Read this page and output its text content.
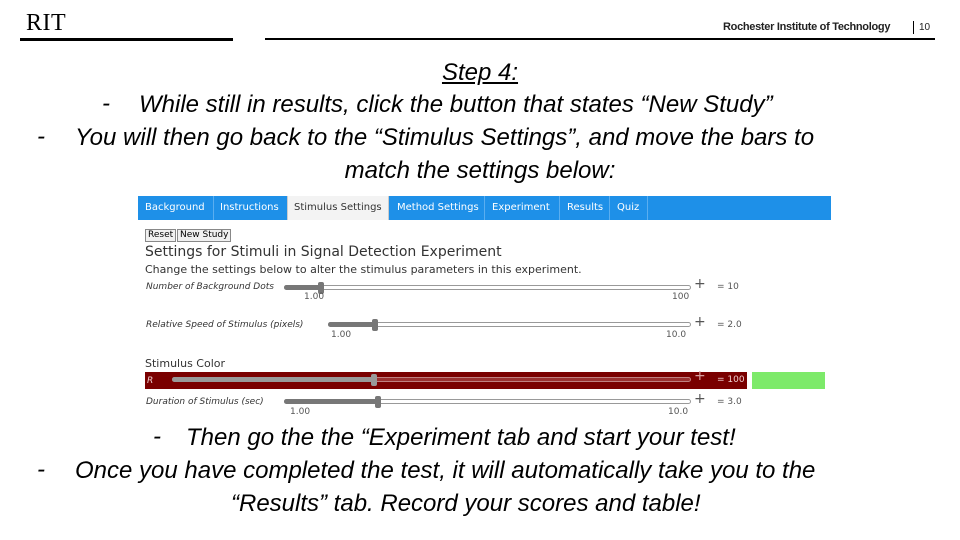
RIT	Rochester Institute of Technology	10
Step 4:
- While still in results, click the button that states “New Study”
- You will then go back to the “Stimulus Settings”, and move the bars to
match the settings below:
Background	Instructions	Stimulus Settings	Method Settings	Experiment	Results	Quiz
Reset New Study
Settings for Stimuli in Signal Detection Experiment
Change the settings below to alter the stimulus parameters in this experiment.
Number of Background Dots	+ = 10
1.00	100
Relative Speed of Stimulus (pixels)	+ = 2.0
1.00	10.0
Stimulus Color
R	+ = 100
Duration of Stimulus (sec)	+ = 3.0
1.00	10.0
- Then go the the “Experiment tab and start your test!
- Once you have completed the test, it will automatically take you to the
“Results” tab. Record your scores and table!
